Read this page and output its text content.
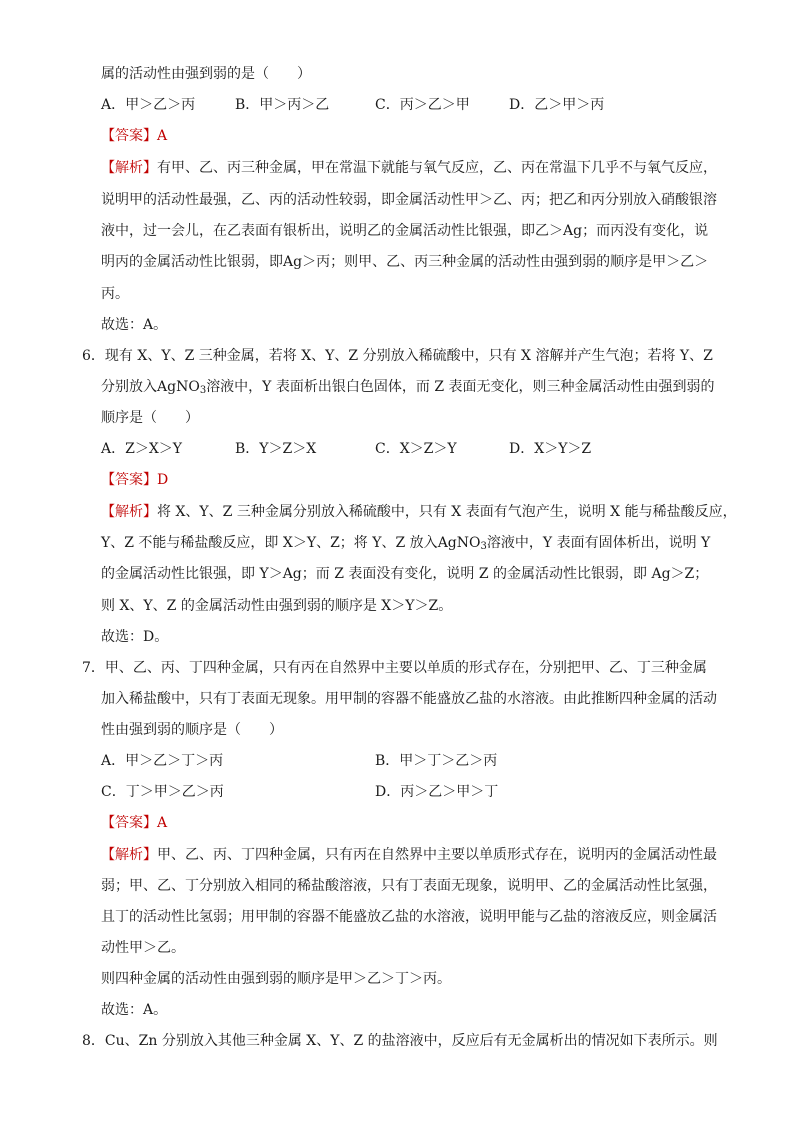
属的活动性由强到弱的是（　　）
A．甲＞乙＞丙	B．甲＞丙＞乙	C．丙＞乙＞甲	D．乙＞甲＞丙
【答案】A
【解析】有甲、乙、丙三种金属，甲在常温下就能与氧气反应，乙、丙在常温下几乎不与氧气反应，
说明甲的活动性最强，乙、丙的活动性较弱，即金属活动性甲＞乙、丙；把乙和丙分别放入硝酸银溶
液中，过一会儿，在乙表面有银析出，说明乙的金属活动性比银强，即乙＞Ag；而丙没有变化，说
明丙的金属活动性比银弱，即Ag＞丙；则甲、乙、丙三种金属的活动性由强到弱的顺序是甲＞乙＞
丙。
故选：A。
6．现有 X、Y、Z 三种金属，若将 X、Y、Z 分别放入稀硫酸中，只有 X 溶解并产生气泡；若将 Y、Z
分别放入AgNO$_3$溶液中，Y 表面析出银白色固体，而 Z 表面无变化，则三种金属活动性由强到弱的
顺序是（　　）
A．Z＞X＞Y	B．Y＞Z＞X	C．X＞Z＞Y	D．X＞Y＞Z
【答案】D
【解析】将 X、Y、Z 三种金属分别放入稀硫酸中，只有 X 表面有气泡产生，说明 X 能与稀盐酸反应，
Y、Z 不能与稀盐酸反应，即 X＞Y、Z；将 Y、Z 放入AgNO$_3$溶液中，Y 表面有固体析出，说明 Y
的金属活动性比银强，即 Y＞Ag；而 Z 表面没有变化，说明 Z 的金属活动性比银弱，即 Ag＞Z；
则 X、Y、Z 的金属活动性由强到弱的顺序是 X＞Y＞Z。
故选：D。
7．甲、乙、丙、丁四种金属，只有丙在自然界中主要以单质的形式存在，分别把甲、乙、丁三种金属
加入稀盐酸中，只有丁表面无现象。用甲制的容器不能盛放乙盐的水溶液。由此推断四种金属的活动
性由强到弱的顺序是（　　）
A．甲＞乙＞丁＞丙	B．甲＞丁＞乙＞丙
C．丁＞甲＞乙＞丙	D．丙＞乙＞甲＞丁
【答案】A
【解析】甲、乙、丙、丁四种金属，只有丙在自然界中主要以单质形式存在，说明丙的金属活动性最
弱；甲、乙、丁分别放入相同的稀盐酸溶液，只有丁表面无现象，说明甲、乙的金属活动性比氢强，
且丁的活动性比氢弱；用甲制的容器不能盛放乙盐的水溶液，说明甲能与乙盐的溶液反应，则金属活
动性甲＞乙。
则四种金属的活动性由强到弱的顺序是甲＞乙＞丁＞丙。
故选：A。
8．Cu、Zn 分别放入其他三种金属 X、Y、Z 的盐溶液中，反应后有无金属析出的情况如下表所示。则
